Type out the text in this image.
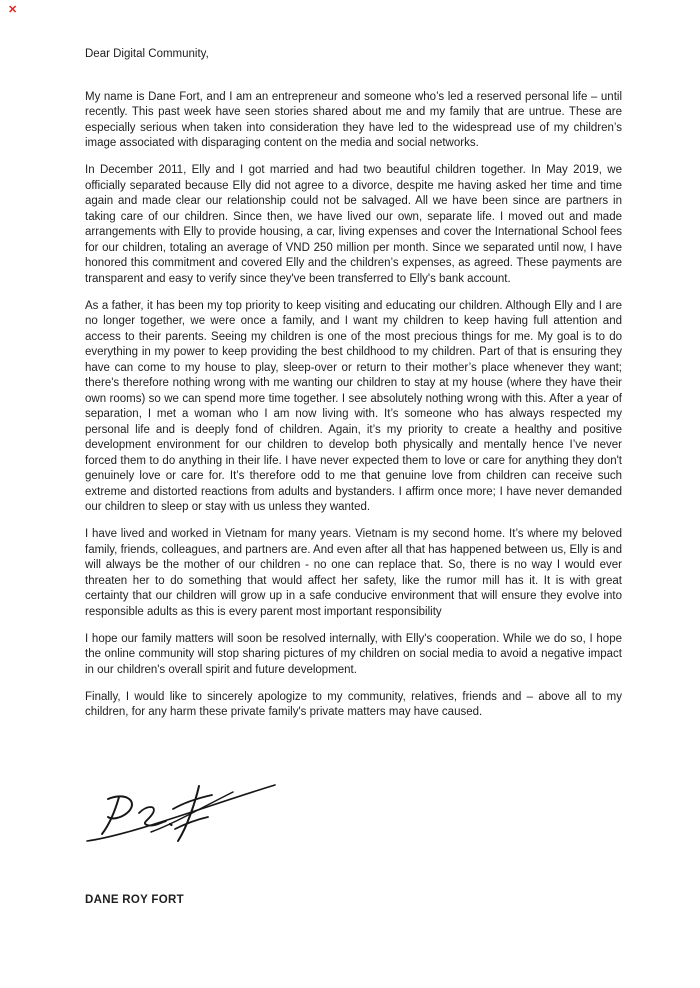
✕

Dear Digital Community,

My name is Dane Fort, and I am an entrepreneur and someone who’s led a reserved personal life – until recently. This past week have seen stories shared about me and my family that are untrue. These are especially serious when taken into consideration they have led to the widespread use of my children’s image associated with disparaging content on the media and social networks.

In December 2011, Elly and I got married and had two beautiful children together. In May 2019, we officially separated because Elly did not agree to a divorce, despite me having asked her time and time again and made clear our relationship could not be salvaged. All we have been since are partners in taking care of our children. Since then, we have lived our own, separate life. I moved out and made arrangements with Elly to provide housing, a car, living expenses and cover the International School fees for our children, totaling an average of VND 250 million per month. Since we separated until now, I have honored this commitment and covered Elly and the children’s expenses, as agreed. These payments are transparent and easy to verify since they've been transferred to Elly's bank account.

As a father, it has been my top priority to keep visiting and educating our children. Although Elly and I are no longer together, we were once a family, and I want my children to keep having full attention and access to their parents. Seeing my children is one of the most precious things for me. My goal is to do everything in my power to keep providing the best childhood to my children. Part of that is ensuring they have can come to my house to play, sleep-over or return to their mother’s place whenever they want; there's therefore nothing wrong with me wanting our children to stay at my house (where they have their own rooms) so we can spend more time together. I see absolutely nothing wrong with this. After a year of separation, I met a woman who I am now living with. It’s someone who has always respected my personal life and is deeply fond of children. Again, it’s my priority to create a healthy and positive development environment for our children to develop both physically and mentally hence I’ve never forced them to do anything in their life. I have never expected them to love or care for anything they don't genuinely love or care for. It’s therefore odd to me that genuine love from children can receive such extreme and distorted reactions from adults and bystanders. I affirm once more; I have never demanded our children to sleep or stay with us unless they wanted.

I have lived and worked in Vietnam for many years. Vietnam is my second home. It’s where my beloved family, friends, colleagues, and partners are. And even after all that has happened between us, Elly is and will always be the mother of our children - no one can replace that. So, there is no way I would ever threaten her to do something that would affect her safety, like the rumor mill has it. It is with great certainty that our children will grow up in a safe conducive environment that will ensure they evolve into responsible adults as this is every parent most important responsibility

I hope our family matters will soon be resolved internally, with Elly's cooperation. While we do so, I hope the online community will stop sharing pictures of my children on social media to avoid a negative impact in our children's overall spirit and future development.

Finally, I would like to sincerely apologize to my community, relatives, friends and – above all to my children, for any harm these private family's private matters may have caused.

DANE ROY FORT
